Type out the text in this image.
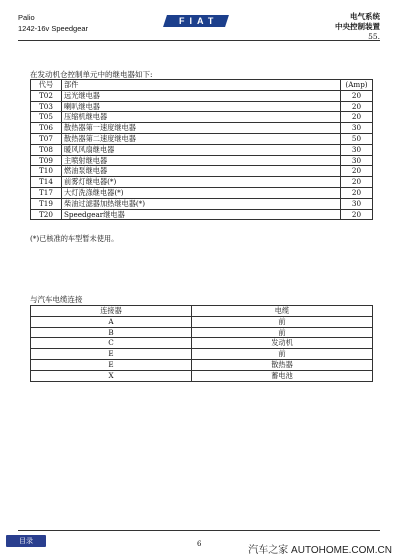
Palio
1242-16v Speedgear
FIAT	电气系统
中央控制装置
55.
在发动机仓控制单元中的继电器如下:
代号	部件	(Amp)
T02	远光继电器	20
T03	喇叭继电器	20
T05	压缩机继电器	20
T06	散热器第一速度继电器	30
T07	散热器第二速度继电器	50
T08	暖风风扇继电器	30
T09	主喷射继电器	30
T10	燃油泵继电器	20
T14	前雾灯继电器(*)	20
T17	大灯洗涤继电器(*)	20
T19	柴油过滤器加热继电器(*)	30
T20	Speedgear继电器	20
(*)已核准的车型暂未使用。
与汽车电缆连接
连接器	电缆
A	前
B	前
C	发动机
E	前
E	散热器
X	蓄电池
目录	6
汽车之家 AUTOHOME.COM.CN
